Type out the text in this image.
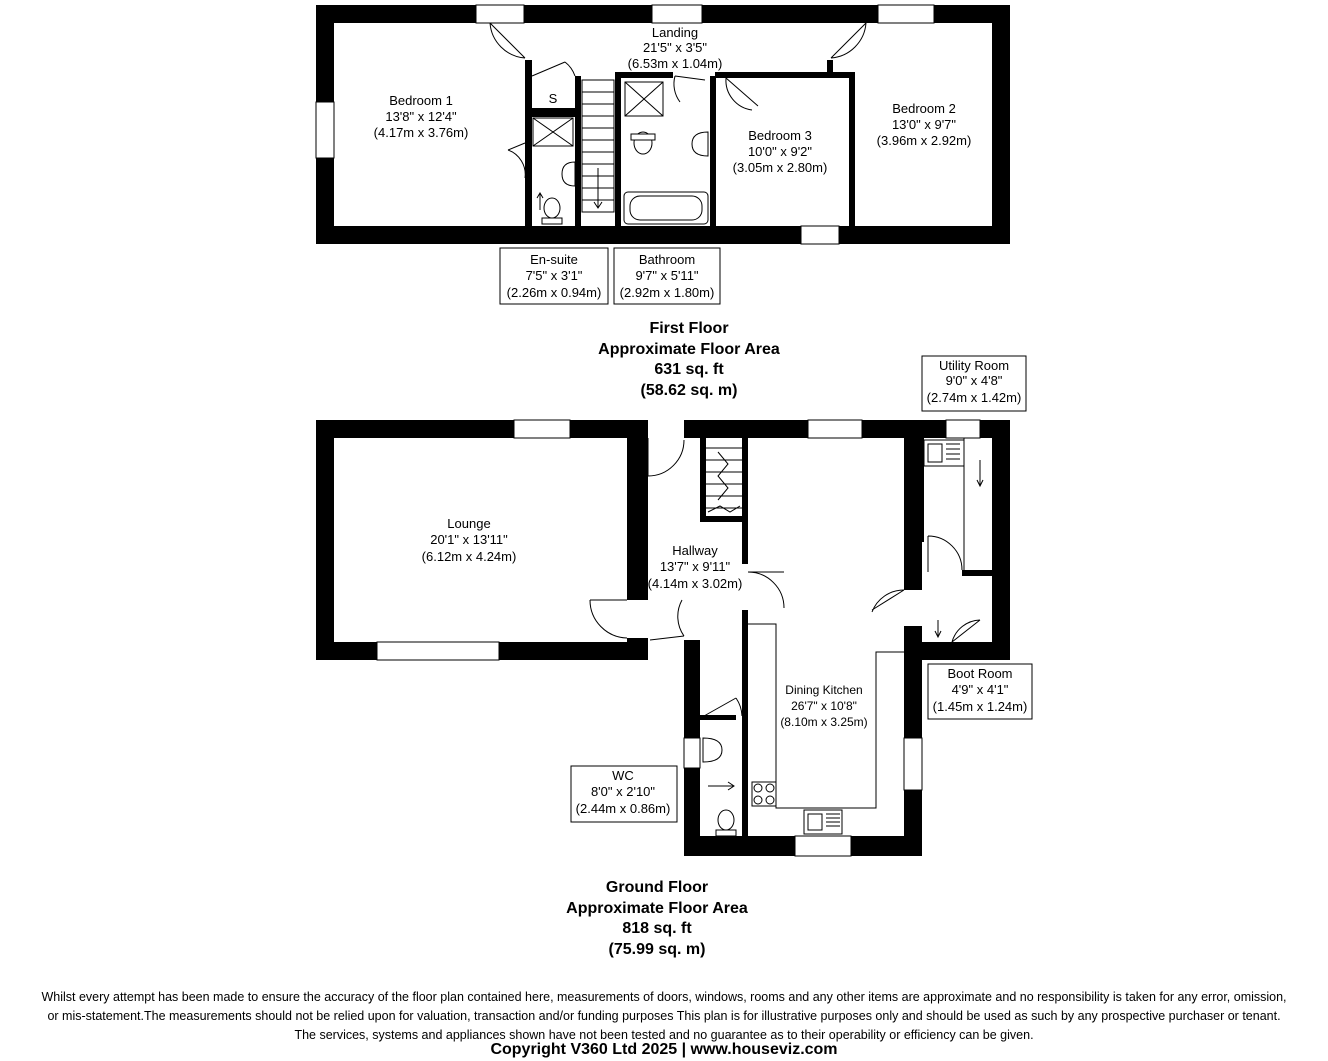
S
Landing
21'5" x 3'5"
(6.53m x 1.04m)
Bedroom 1
13'8" x 12'4"
(4.17m x 3.76m)
Bedroom 2
13'0" x 9'7"
(3.96m x 2.92m)
Bedroom 3
10'0" x 9'2"
(3.05m x 2.80m)
En-suite
7'5" x 3'1"
(2.26m x 0.94m)
Bathroom
9'7" x 5'11"
(2.92m x 1.80m)
First Floor
Approximate Floor Area
631 sq. ft
(58.62 sq. m)
Lounge
20'1" x 13'11"
(6.12m x 4.24m)	Hallway
13'7" x 9'11"
(4.14m x 3.02m)
Dining Kitchen
26'7" x 10'8"
(8.10m x 3.25m)
Utility Room
9'0" x 4'8"
(2.74m x 1.42m)
Boot Room
4'9" x 4'1"
(1.45m x 1.24m)
WC
8'0" x 2'10"
(2.44m x 0.86m)
Ground Floor
Approximate Floor Area
818 sq. ft
(75.99 sq. m)

Whilst every attempt has been made to ensure the accuracy of the floor plan contained here, measurements of doors, windows, rooms and any other items are approximate and no responsibility is taken for any error, omission,

or mis-statement.The measurements should not be relied upon for valuation, transaction and/or funding purposes This plan is for illustrative purposes only and should be used as such by any prospective purchaser or tenant.

The services, systems and appliances shown have not been tested and no guarantee as to their operability or efficiency can be given.

Copyright V360 Ltd 2025 | www.houseviz.com
